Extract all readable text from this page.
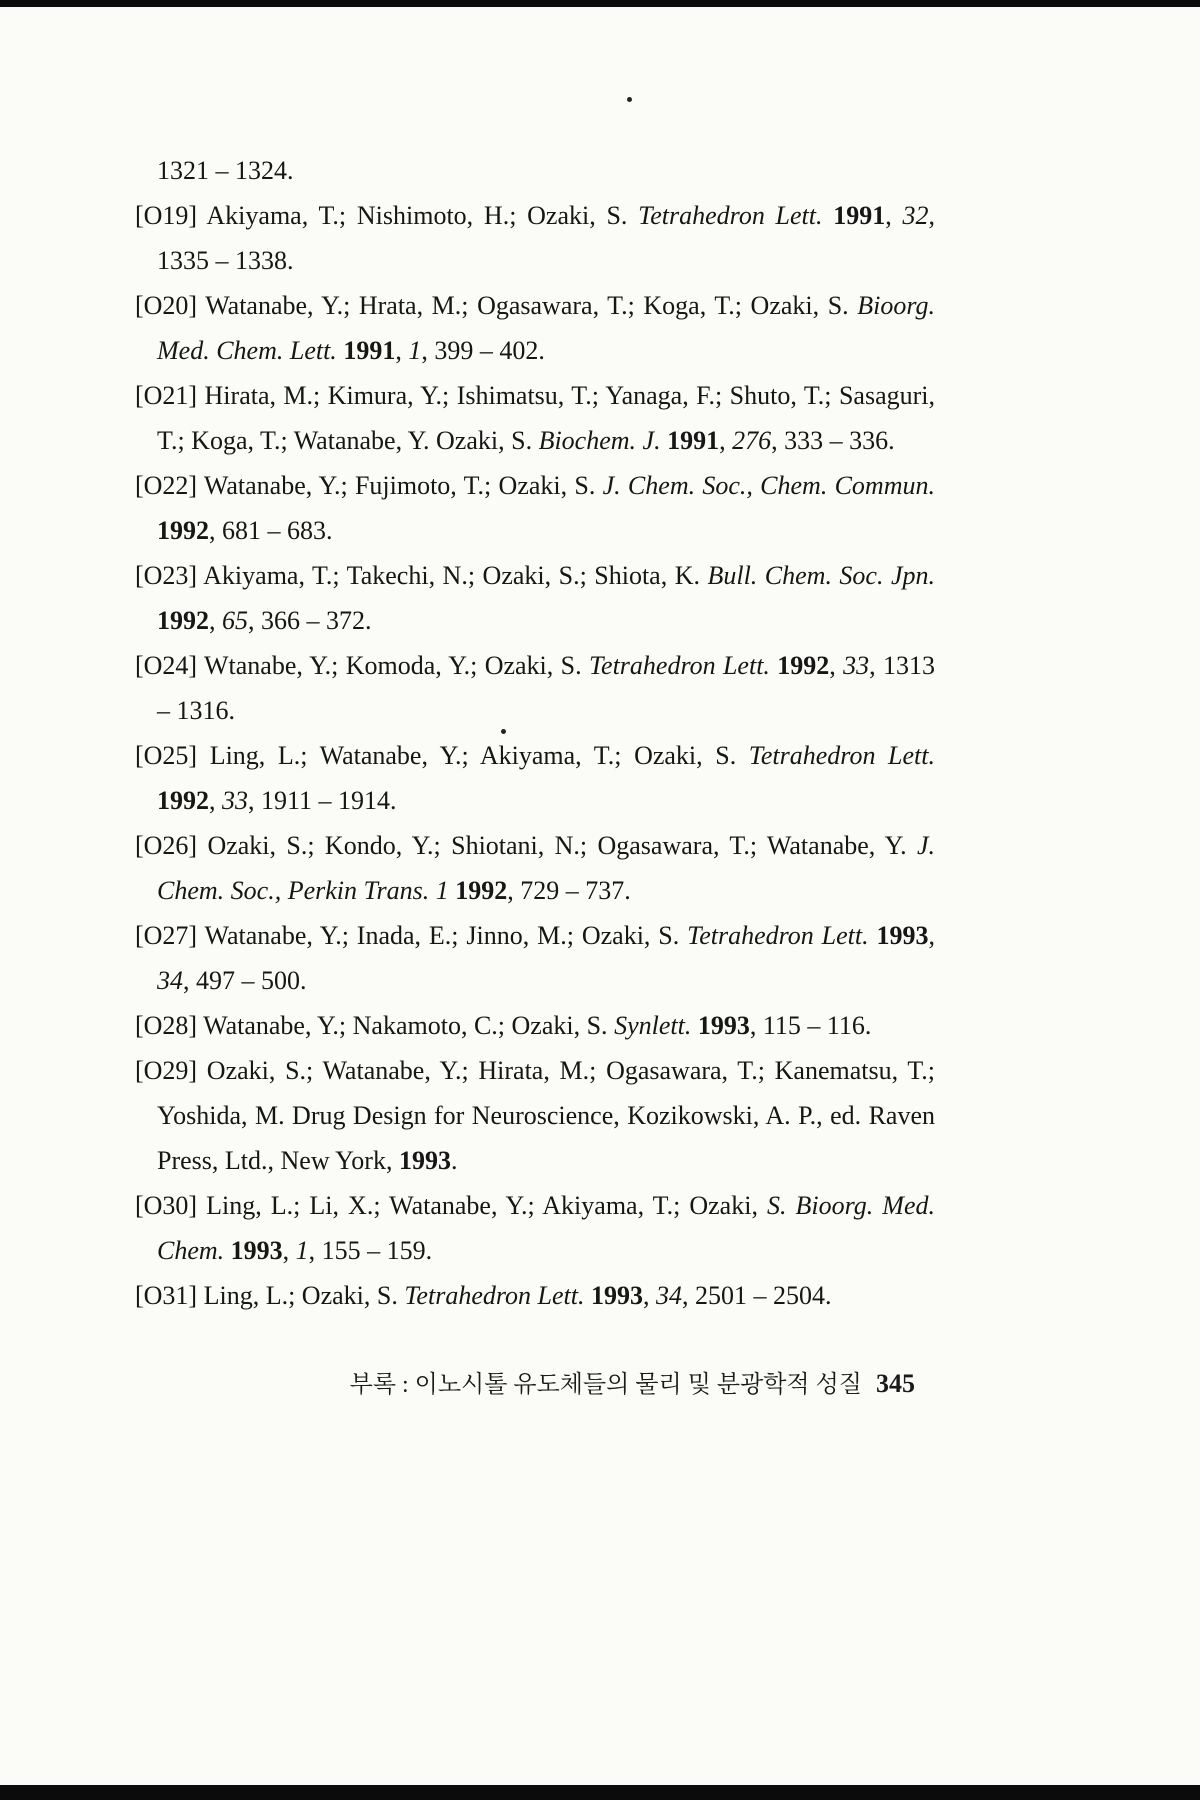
1321 – 1324.

[O19] Akiyama, T.; Nishimoto, H.; Ozaki, S. Tetrahedron Lett. 1991, 32, 1335 – 1338.

[O20] Watanabe, Y.; Hrata, M.; Ogasawara, T.; Koga, T.; Ozaki, S. Bioorg. Med. Chem. Lett. 1991, 1, 399 – 402.

[O21] Hirata, M.; Kimura, Y.; Ishimatsu, T.; Yanaga, F.; Shuto, T.; Sasaguri, T.; Koga, T.; Watanabe, Y. Ozaki, S. Biochem. J. 1991, 276, 333 – 336.

[O22] Watanabe, Y.; Fujimoto, T.; Ozaki, S. J. Chem. Soc., Chem. Commun. 1992, 681 – 683.

[O23] Akiyama, T.; Takechi, N.; Ozaki, S.; Shiota, K. Bull. Chem. Soc. Jpn. 1992, 65, 366 – 372.

[O24] Wtanabe, Y.; Komoda, Y.; Ozaki, S. Tetrahedron Lett. 1992, 33, 1313 – 1316.

[O25] Ling, L.; Watanabe, Y.; Akiyama, T.; Ozaki, S. Tetrahedron Lett. 1992, 33, 1911 – 1914.

[O26] Ozaki, S.; Kondo, Y.; Shiotani, N.; Ogasawara, T.; Watanabe, Y. J. Chem. Soc., Perkin Trans. 1 1992, 729 – 737.

[O27] Watanabe, Y.; Inada, E.; Jinno, M.; Ozaki, S. Tetrahedron Lett. 1993, 34, 497 – 500.

[O28] Watanabe, Y.; Nakamoto, C.; Ozaki, S. Synlett. 1993, 115 – 116.

[O29] Ozaki, S.; Watanabe, Y.; Hirata, M.; Ogasawara, T.; Kanematsu, T.; Yoshida, M. Drug Design for Neuroscience, Kozikowski, A. P., ed. Raven Press, Ltd., New York, 1993.

[O30] Ling, L.; Li, X.; Watanabe, Y.; Akiyama, T.; Ozaki, S. Bioorg. Med. Chem. 1993, 1, 155 – 159.

[O31] Ling, L.; Ozaki, S. Tetrahedron Lett. 1993, 34, 2501 – 2504.

부록 : 이노시톨 유도체들의 물리 및 분광학적 성질 345
